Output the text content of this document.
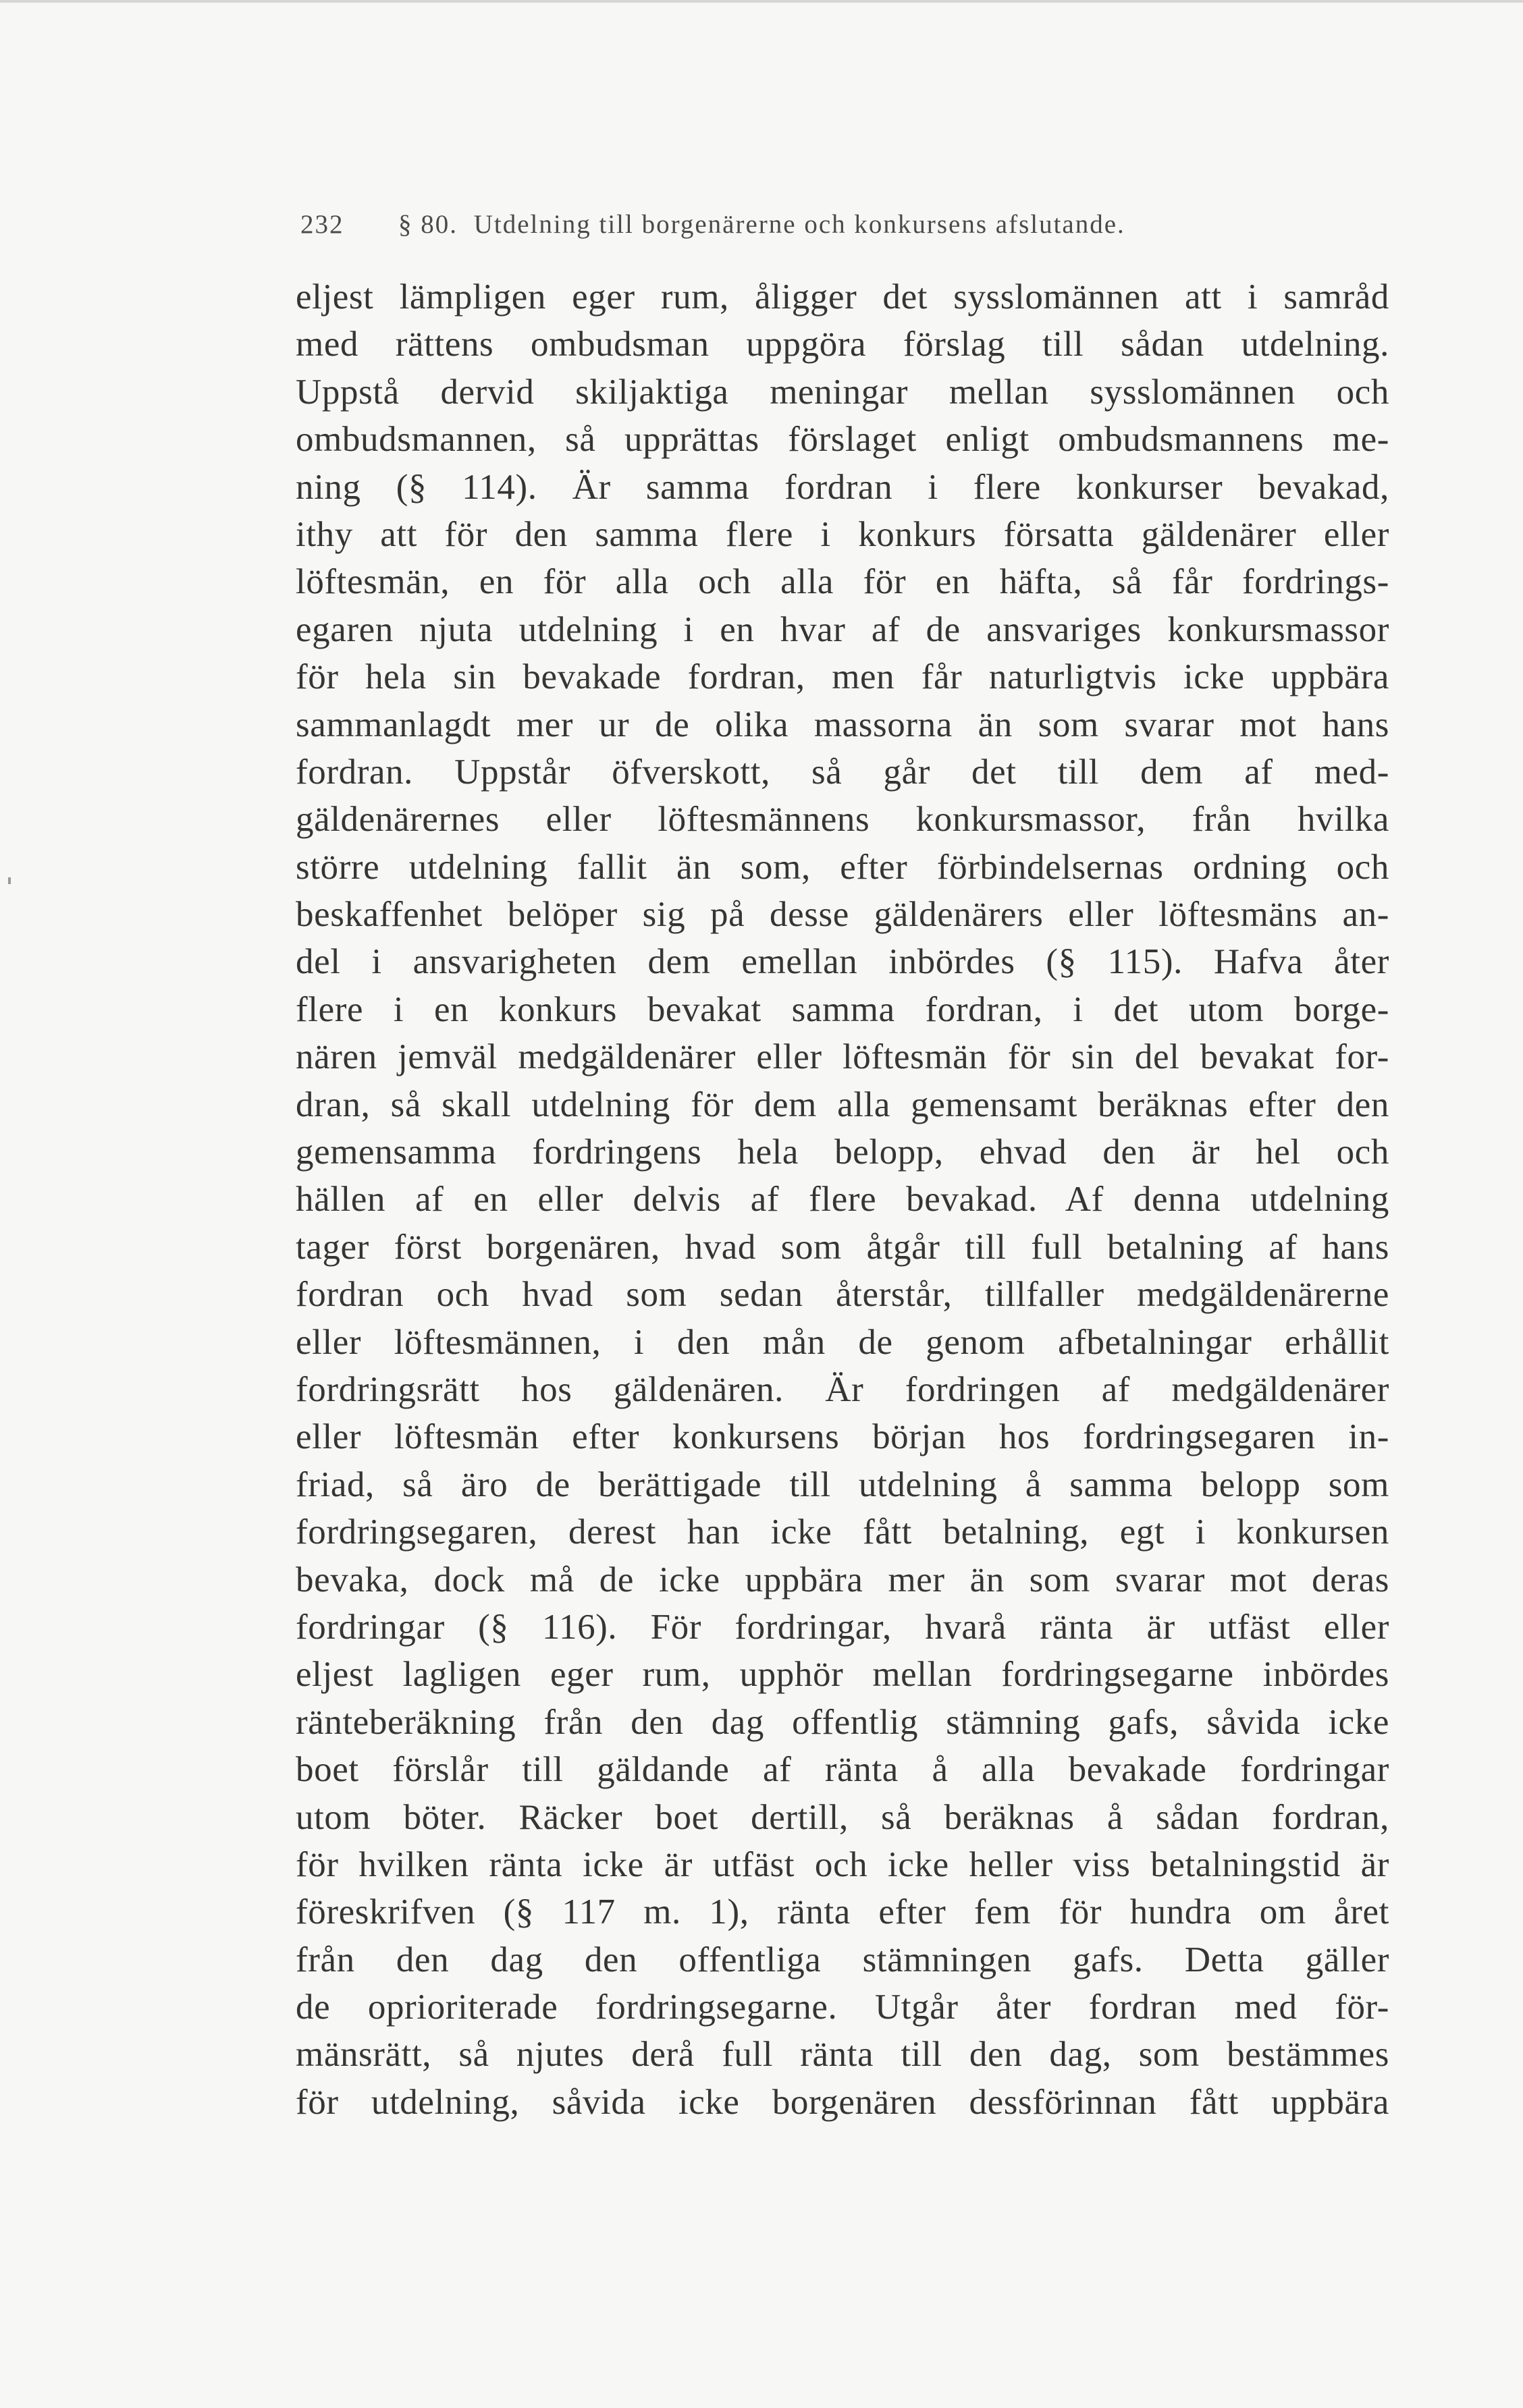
232 § 80. Utdelning till borgenärerne och konkursens afslutande.
eljest lämpligen eger rum, åligger det sysslomännen att i samråd
med rättens ombudsman uppgöra förslag till sådan utdelning.
Uppstå dervid skiljaktiga meningar mellan sysslomännen och
ombudsmannen, så upprättas förslaget enligt ombudsmannens me-
ning (§ 114). Är samma fordran i flere konkurser bevakad,
ithy att för den samma flere i konkurs försatta gäldenärer eller
löftesmän, en för alla och alla för en häfta, så får fordrings-
egaren njuta utdelning i en hvar af de ansvariges konkursmassor
för hela sin bevakade fordran, men får naturligtvis icke uppbära
sammanlagdt mer ur de olika massorna än som svarar mot hans
fordran. Uppstår öfverskott, så går det till dem af med-
gäldenärernes eller löftesmännens konkursmassor, från hvilka
större utdelning fallit än som, efter förbindelsernas ordning och
beskaffenhet belöper sig på desse gäldenärers eller löftesmäns an-
del i ansvarigheten dem emellan inbördes (§ 115). Hafva åter
flere i en konkurs bevakat samma fordran, i det utom borge-
nären jemväl medgäldenärer eller löftesmän för sin del bevakat for-
dran, så skall utdelning för dem alla gemensamt beräknas efter den
gemensamma fordringens hela belopp, ehvad den är hel och
hällen af en eller delvis af flere bevakad. Af denna utdelning
tager först borgenären, hvad som åtgår till full betalning af hans
fordran och hvad som sedan återstår, tillfaller medgäldenärerne
eller löftesmännen, i den mån de genom afbetalningar erhållit
fordringsrätt hos gäldenären. Är fordringen af medgäldenärer
eller löftesmän efter konkursens början hos fordringsegaren in-
friad, så äro de berättigade till utdelning å samma belopp som
fordringsegaren, derest han icke fått betalning, egt i konkursen
bevaka, dock må de icke uppbära mer än som svarar mot deras
fordringar (§ 116). För fordringar, hvarå ränta är utfäst eller
eljest lagligen eger rum, upphör mellan fordringsegarne inbördes
ränteberäkning från den dag offentlig stämning gafs, såvida icke
boet förslår till gäldande af ränta å alla bevakade fordringar
utom böter. Räcker boet dertill, så beräknas å sådan fordran,
för hvilken ränta icke är utfäst och icke heller viss betalningstid är
föreskrifven (§ 117 m. 1), ränta efter fem för hundra om året
från den dag den offentliga stämningen gafs. Detta gäller
de oprioriterade fordringsegarne. Utgår åter fordran med för-
mänsrätt, så njutes derå full ränta till den dag, som bestämmes
för utdelning, såvida icke borgenären dessförinnan fått uppbära
